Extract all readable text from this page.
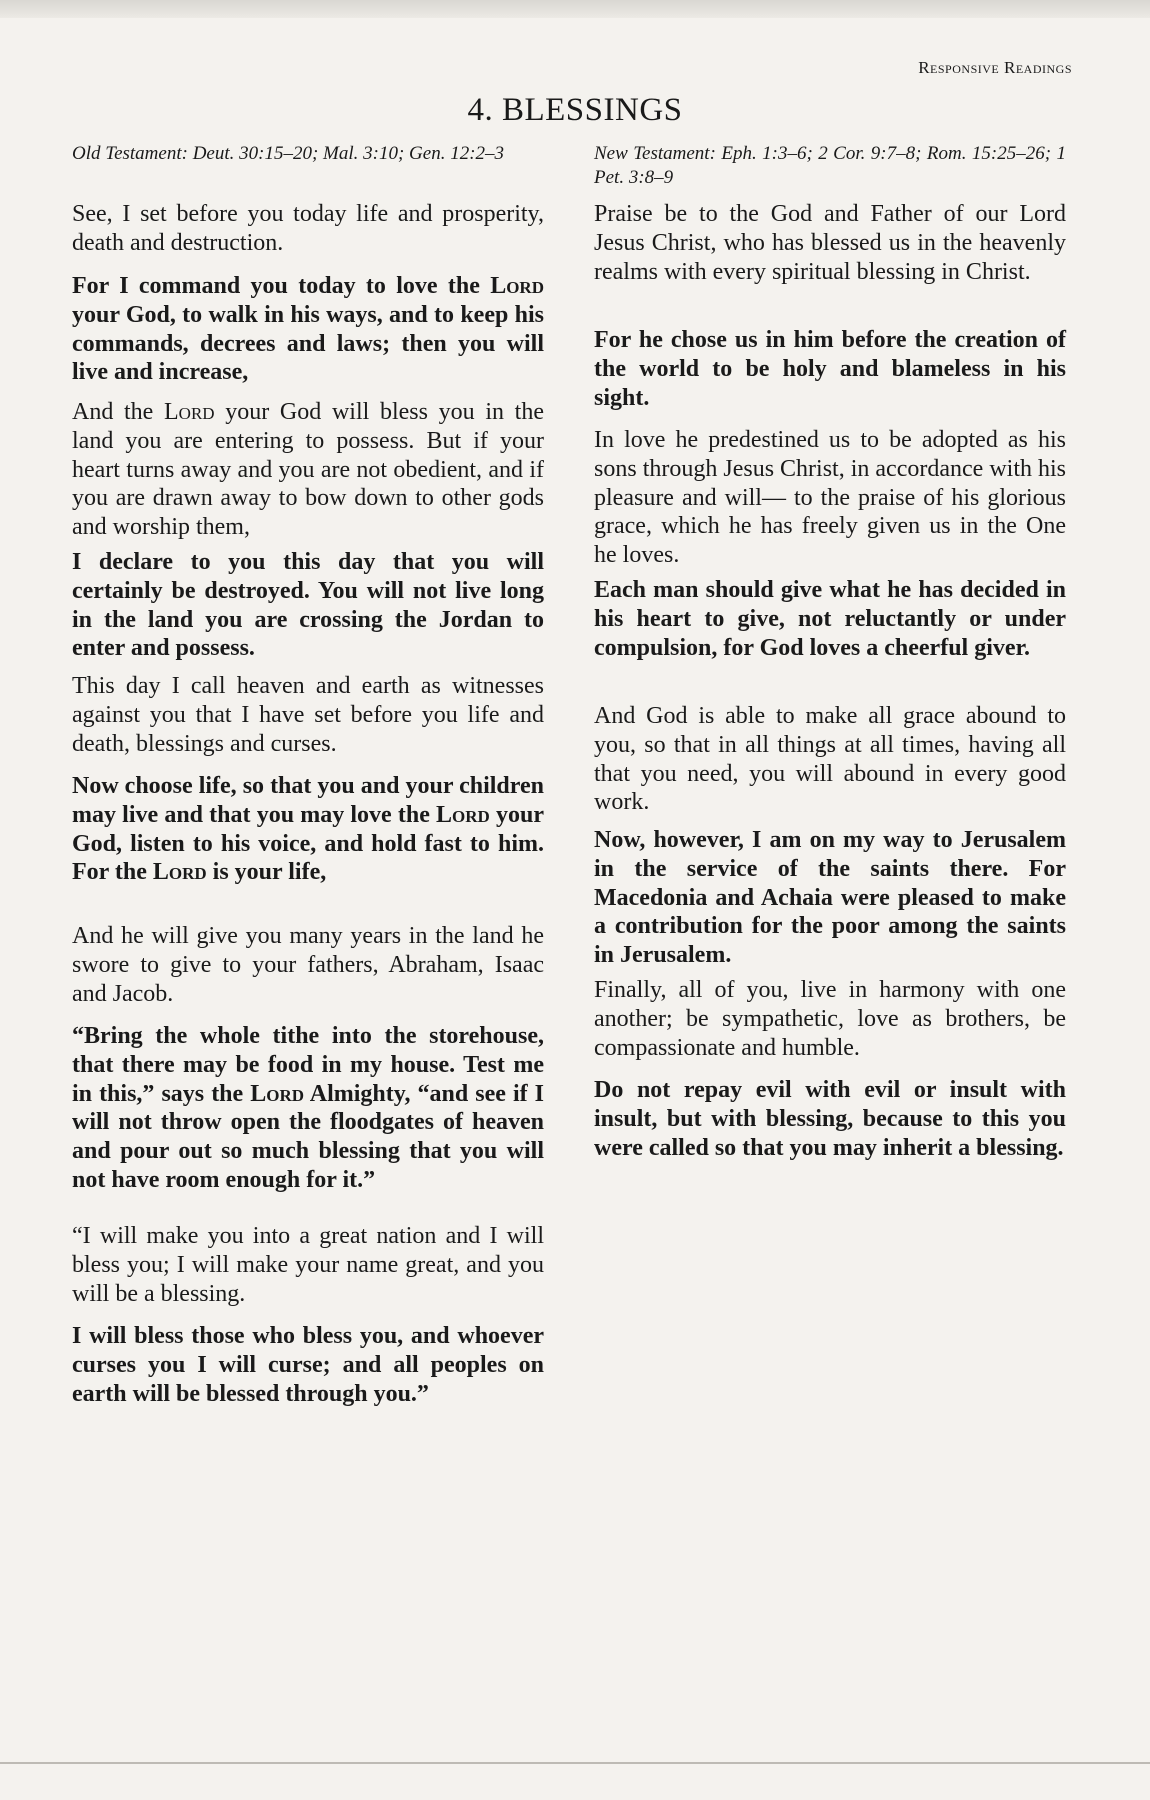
Responsive Readings
4. BLESSINGS
Old Testament: Deut. 30:15–20; Mal. 3:10; Gen. 12:2–3

See, I set before you today life and prosperity, death and destruction.

For I command you today to love the Lord your God, to walk in his ways, and to keep his commands, decrees and laws; then you will live and increase,

And the Lord your God will bless you in the land you are entering to possess. But if your heart turns away and you are not obedient, and if you are drawn away to bow down to other gods and worship them,

I declare to you this day that you will certainly be destroyed. You will not live long in the land you are crossing the Jordan to enter and possess.

This day I call heaven and earth as witnesses against you that I have set before you life and death, blessings and curses.

Now choose life, so that you and your children may live and that you may love the Lord your God, listen to his voice, and hold fast to him. For the Lord is your life,

And he will give you many years in the land he swore to give to your fathers, Abraham, Isaac and Jacob.

“Bring the whole tithe into the storehouse, that there may be food in my house. Test me in this,” says the Lord Almighty, “and see if I will not throw open the floodgates of heaven and pour out so much blessing that you will not have room enough for it.”

“I will make you into a great nation and I will bless you; I will make your name great, and you will be a blessing.

I will bless those who bless you, and whoever curses you I will curse; and all peoples on earth will be blessed through you.”

New Testament: Eph. 1:3–6; 2 Cor. 9:7–8; Rom. 15:25–26; 1 Pet. 3:8–9

Praise be to the God and Father of our Lord Jesus Christ, who has blessed us in the heavenly realms with every spiritual blessing in Christ.

For he chose us in him before the creation of the world to be holy and blameless in his sight.

In love he predestined us to be adopted as his sons through Jesus Christ, in accordance with his pleasure and will— to the praise of his glorious grace, which he has freely given us in the One he loves.

Each man should give what he has decided in his heart to give, not reluctantly or under compulsion, for God loves a cheerful giver.

And God is able to make all grace abound to you, so that in all things at all times, having all that you need, you will abound in every good work.

Now, however, I am on my way to Jerusalem in the service of the saints there. For Macedonia and Achaia were pleased to make a contribution for the poor among the saints in Jerusalem.

Finally, all of you, live in harmony with one another; be sympathetic, love as brothers, be compassionate and humble.

Do not repay evil with evil or insult with insult, but with blessing, because to this you were called so that you may inherit a blessing.
